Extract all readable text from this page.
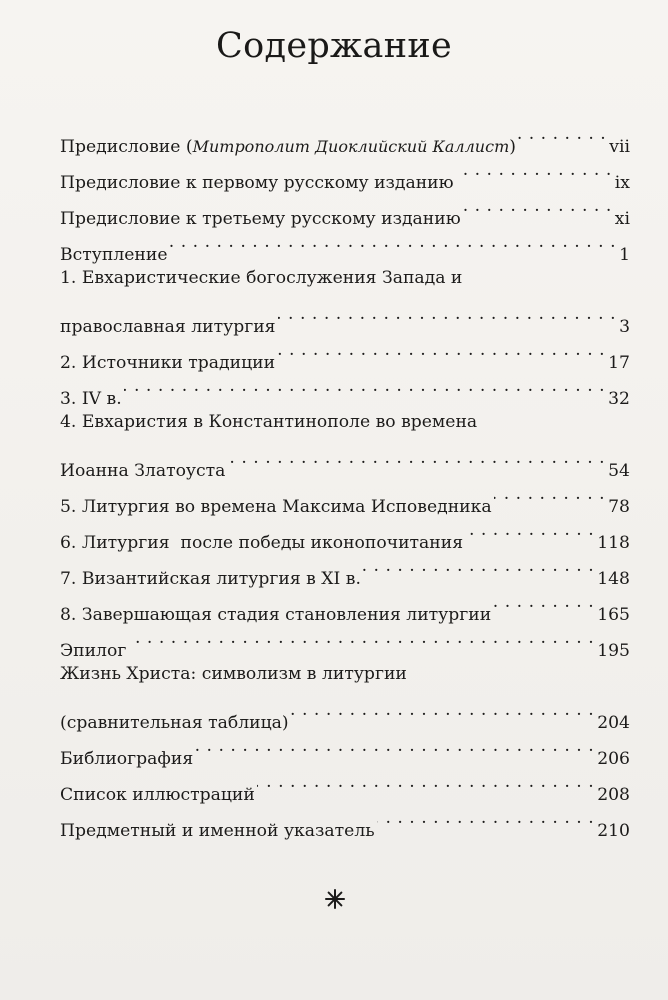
Содержание
Предисловие (Митрополит Диоклийский Каллист) . . .	vii
Предисловие к первому русскому изданию . . .	ix
Предисловие к третьему русскому изданию . . .	xi
Вступление . . .	1
1. Евхаристические богослужения Запада и
православная литургия . . .	3
2. Источники традиции . . .	17
3. IV в. . . .	32
4. Евхаристия в Константинополе во времена
Иоанна Златоуста . . .	54
5. Литургия во времена Максима Исповедника . . .	78
6. Литургия  после победы иконопочитания . . .	118
7. Византийская литургия в XI в. . . .	148
8. Завершающая стадия становления литургии . . .	165
Эпилог . . .	195
Жизнь Христа: символизм в литургии
(сравнительная таблица) . . .	204
Библиография . . .	206
Список иллюстраций . . .	208
Предметный и именной указатель . . .	210
